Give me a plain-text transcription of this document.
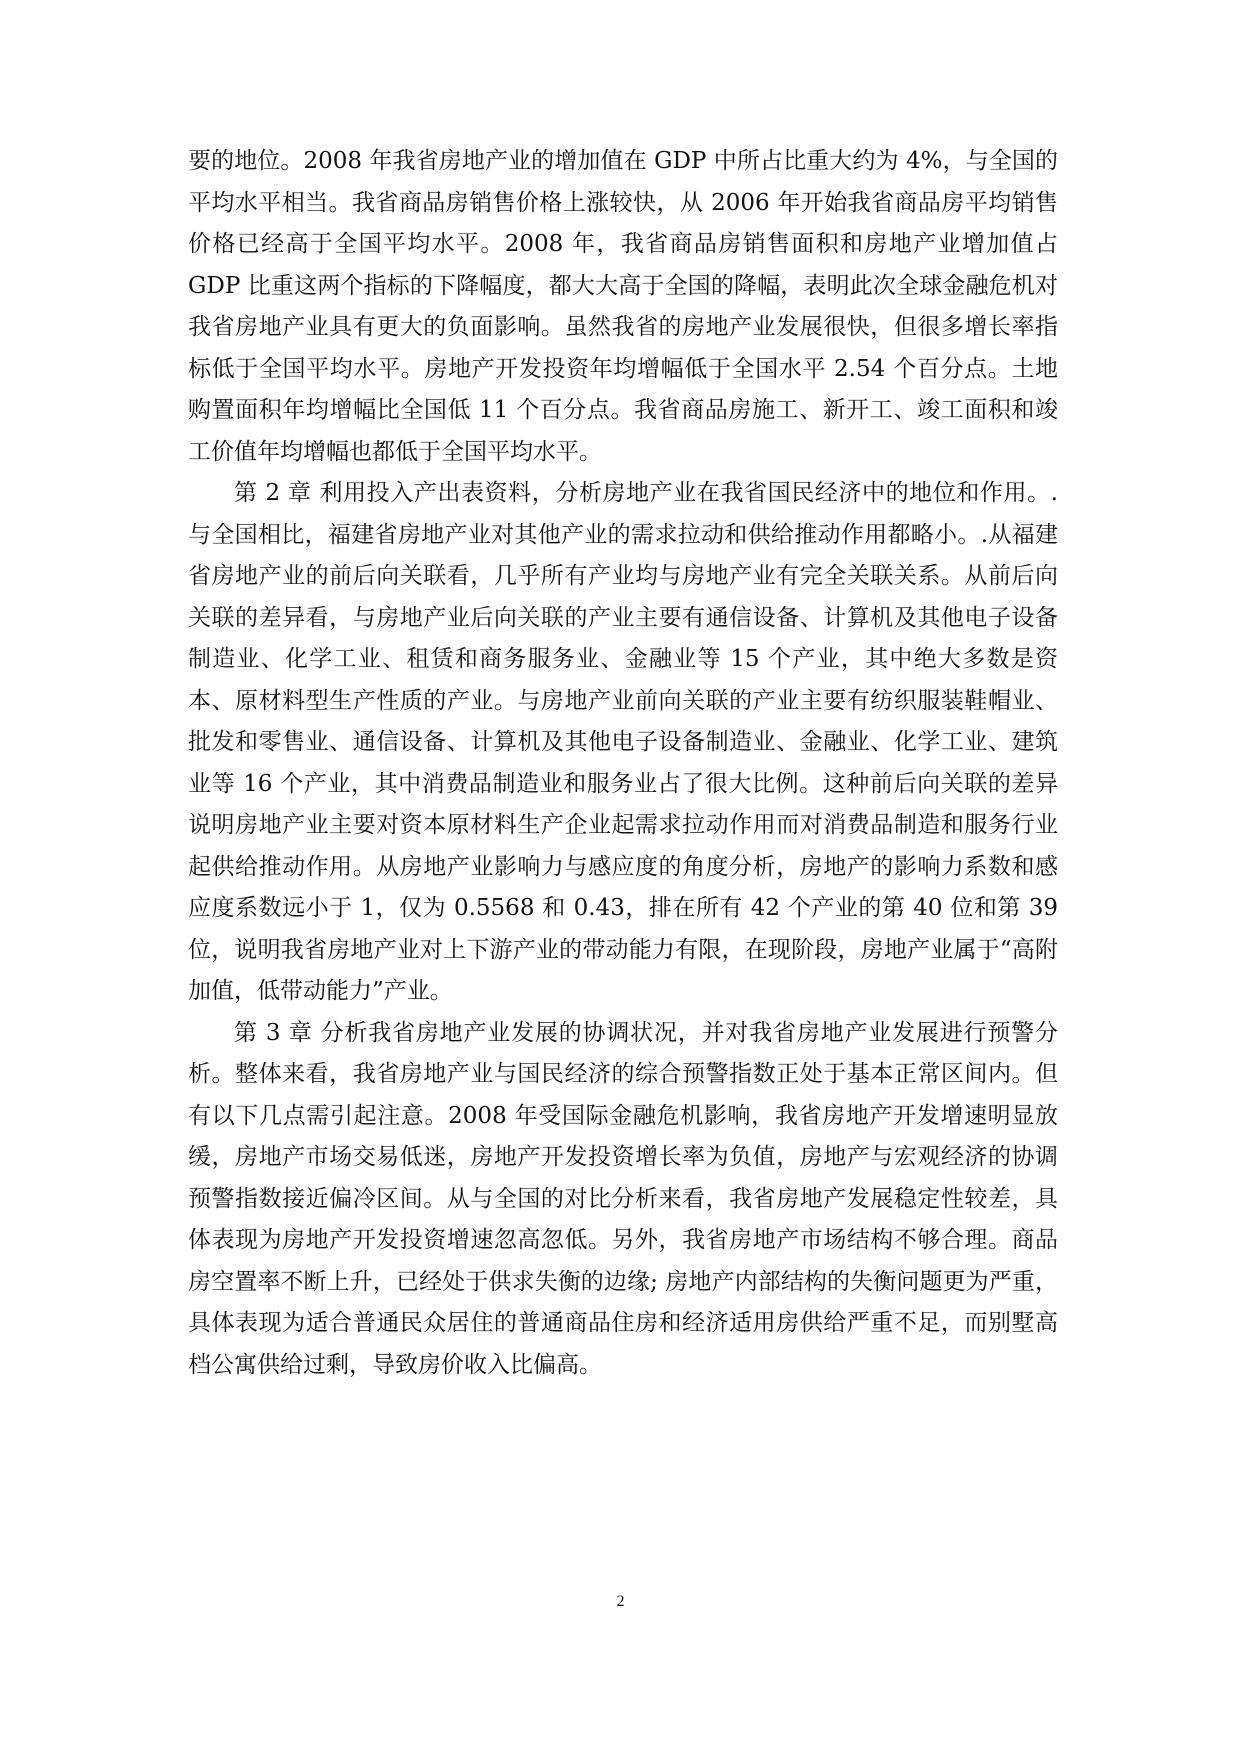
要的地位。2008 年我省房地产业的增加值在 GDP 中所占比重大约为 4%，与全国的平均水平相当。我省商品房销售价格上涨较快，从 2006 年开始我省商品房平均销售价格已经高于全国平均水平。2008 年，我省商品房销售面积和房地产业增加值占 GDP 比重这两个指标的下降幅度，都大大高于全国的降幅，表明此次全球金融危机对我省房地产业具有更大的负面影响。虽然我省的房地产业发展很快，但很多增长率指标低于全国平均水平。房地产开发投资年均增幅低于全国水平 2.54 个百分点。土地购置面积年均增幅比全国低 11 个百分点。我省商品房施工、新开工、竣工面积和竣工价值年均增幅也都低于全国平均水平。

第 2 章 利用投入产出表资料，分析房地产业在我省国民经济中的地位和作用。.与全国相比，福建省房地产业对其他产业的需求拉动和供给推动作用都略小。.从福建省房地产业的前后向关联看，几乎所有产业均与房地产业有完全关联关系。从前后向关联的差异看，与房地产业后向关联的产业主要有通信设备、计算机及其他电子设备制造业、化学工业、租赁和商务服务业、金融业等 15 个产业，其中绝大多数是资本、原材料型生产性质的产业。与房地产业前向关联的产业主要有纺织服装鞋帽业、批发和零售业、通信设备、计算机及其他电子设备制造业、金融业、化学工业、建筑业等 16 个产业，其中消费品制造业和服务业占了很大比例。这种前后向关联的差异说明房地产业主要对资本原材料生产企业起需求拉动作用而对消费品制造和服务行业起供给推动作用。从房地产业影响力与感应度的角度分析，房地产的影响力系数和感应度系数远小于 1，仅为 0.5568 和 0.43，排在所有 42 个产业的第 40 位和第 39 位，说明我省房地产业对上下游产业的带动能力有限，在现阶段，房地产业属于“高附加值，低带动能力”产业。

第 3 章 分析我省房地产业发展的协调状况，并对我省房地产业发展进行预警分析。整体来看，我省房地产业与国民经济的综合预警指数正处于基本正常区间内。但有以下几点需引起注意。2008 年受国际金融危机影响，我省房地产开发增速明显放缓，房地产市场交易低迷，房地产开发投资增长率为负值，房地产与宏观经济的协调预警指数接近偏冷区间。从与全国的对比分析来看，我省房地产发展稳定性较差，具体表现为房地产开发投资增速忽高忽低。另外，我省房地产市场结构不够合理。商品房空置率不断上升，已经处于供求失衡的边缘; 房地产内部结构的失衡问题更为严重，具体表现为适合普通民众居住的普通商品住房和经济适用房供给严重不足，而别墅高档公寓供给过剩，导致房价收入比偏高。

2
